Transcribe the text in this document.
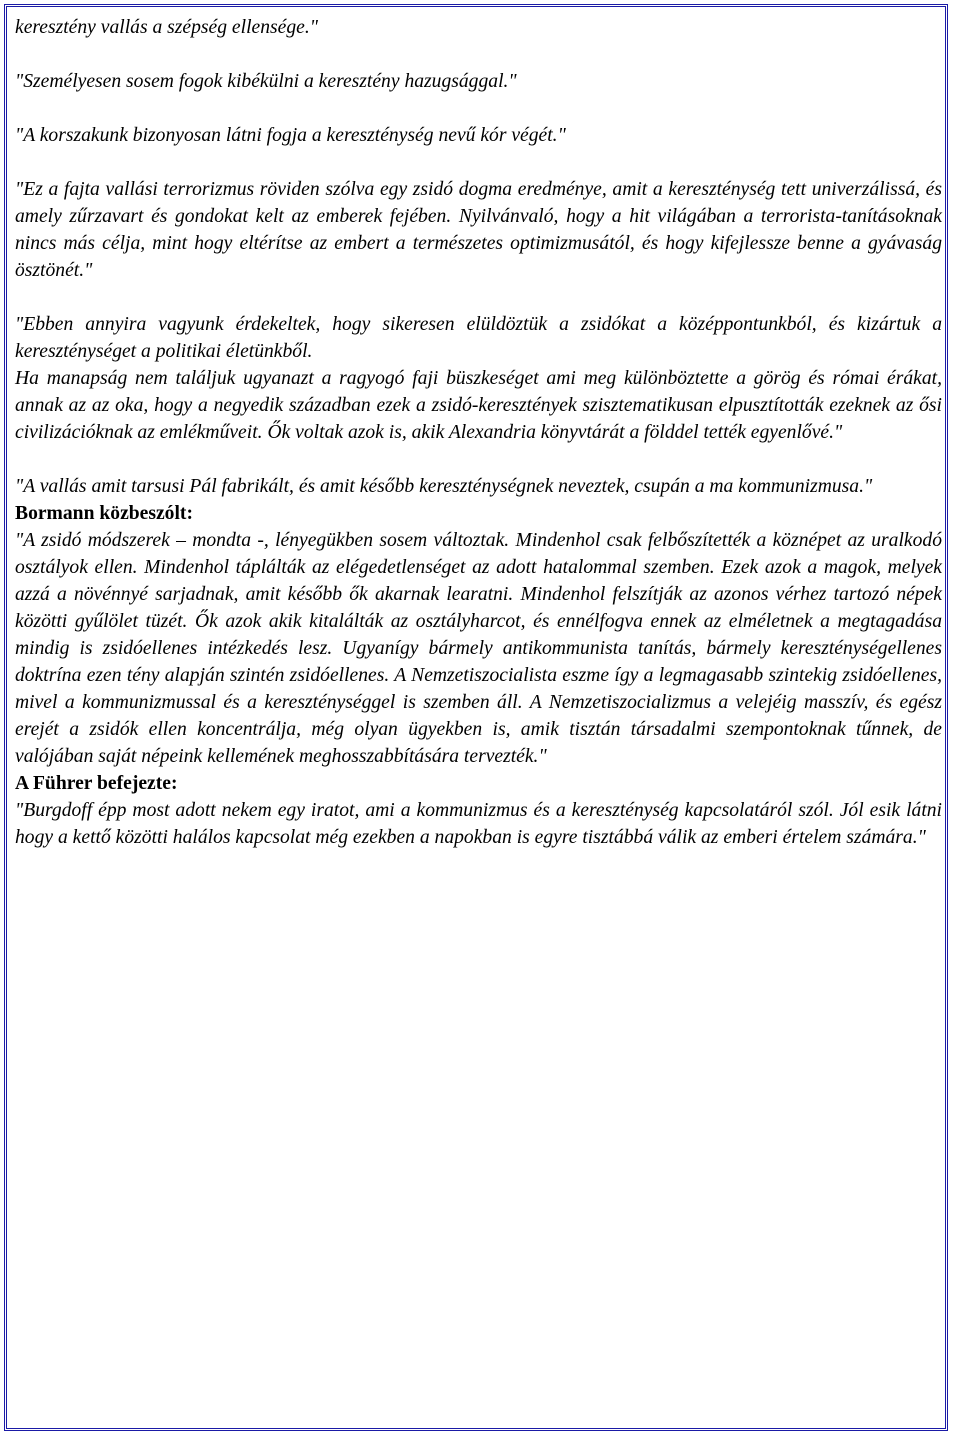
keresztény vallás a szépség ellensége."

"Személyesen sosem fogok kibékülni a keresztény hazugsággal."

"A korszakunk bizonyosan látni fogja a kereszténység nevű kór végét."

"Ez a fajta vallási terrorizmus röviden szólva egy zsidó dogma eredménye, amit a kereszténység tett univerzálissá, és amely zűrzavart és gondokat kelt az emberek fejében. Nyilvánvaló, hogy a hit világában a terrorista-tanításoknak nincs más célja, mint hogy eltérítse az embert a természetes optimizmusától, és hogy kifejlessze benne a gyávaság ösztönét."

"Ebben annyira vagyunk érdekeltek, hogy sikeresen elüldöztük a zsidókat a középpontunkból, és kizártuk a kereszténységet a politikai életünkből.

Ha manapság nem találjuk ugyanazt a ragyogó faji büszkeséget ami meg különböztette a görög és római érákat, annak az az oka, hogy a negyedik században ezek a zsidó-keresztények szisztematikusan elpusztították ezeknek az ősi civilizációknak az emlékműveit. Ők voltak azok is, akik Alexandria könyvtárát a földdel tették egyenlővé."

"A vallás amit tarsusi Pál fabrikált, és amit később kereszténységnek neveztek, csupán a ma kommunizmusa."

Bormann közbeszólt:

"A zsidó módszerek – mondta -, lényegükben sosem változtak. Mindenhol csak felbőszítették a köznépet az uralkodó osztályok ellen. Mindenhol táplálták az elégedetlenséget az adott hatalommal szemben. Ezek azok a magok, melyek azzá a növénnyé sarjadnak, amit később ők akarnak learatni. Mindenhol felszítják az azonos vérhez tartozó népek közötti gyűlölet tüzét. Ők azok akik kitalálták az osztályharcot, és ennélfogva ennek az elméletnek a megtagadása mindig is zsidóellenes intézkedés lesz. Ugyanígy bármely antikommunista tanítás, bármely kereszténységellenes doktrína ezen tény alapján szintén zsidóellenes. A Nemzetiszocialista eszme így a legmagasabb szintekig zsidóellenes, mivel a kommunizmussal és a kereszténységgel is szemben áll. A Nemzetiszocializmus a velejéig masszív, és egész erejét a zsidók ellen koncentrálja, még olyan ügyekben is, amik tisztán társadalmi szempontoknak tűnnek, de valójában saját népeink kellemének meghosszabbítására tervezték."

A Führer befejezte:

"Burgdoff épp most adott nekem egy iratot, ami a kommunizmus és a kereszténység kapcsolatáról szól. Jól esik látni hogy a kettő közötti halálos kapcsolat még ezekben a napokban is egyre tisztábbá válik az emberi értelem számára."
